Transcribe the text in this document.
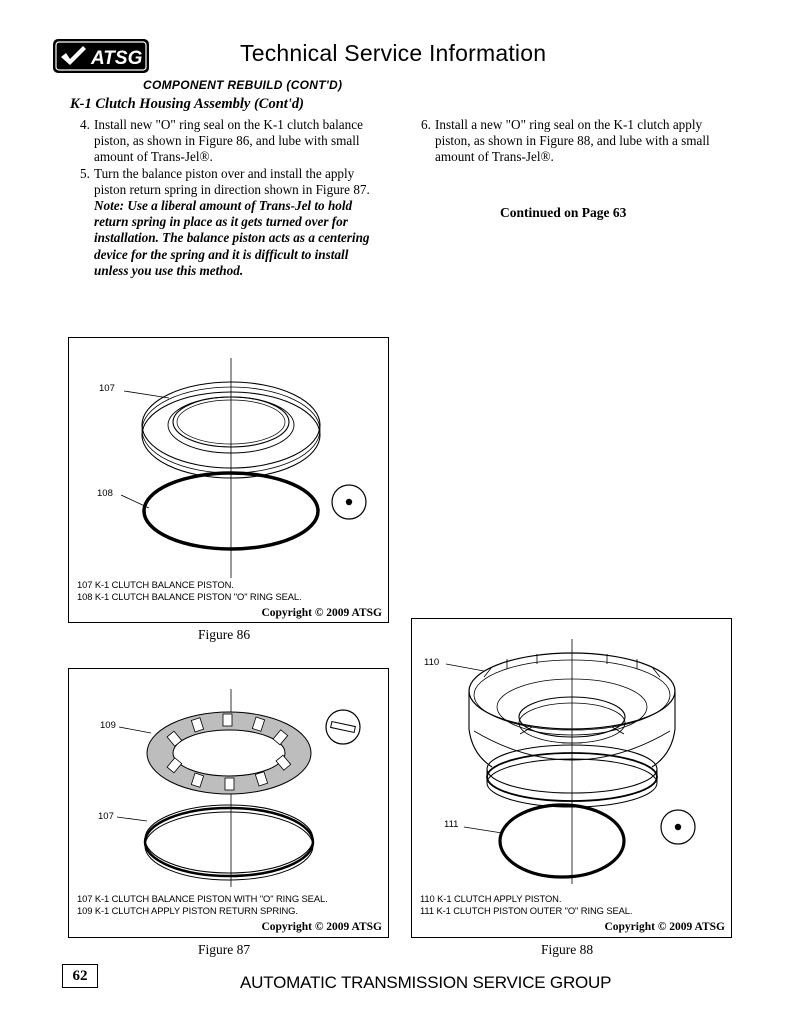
ATSG	Technical Service Information
COMPONENT REBUILD (CONT'D)
K-1 Clutch Housing Assembly (Cont'd)
4. Install new "O" ring seal on the K-1 clutch balance piston, as shown in Figure 86, and lube with small amount of Trans-Jel®.
5. Turn the balance piston over and install the apply piston return spring in direction shown in Figure 87.
Note: Use a liberal amount of Trans-Jel to hold return spring in place as it gets turned over for installation. The balance piston acts as a centering device for the spring and it is difficult to install unless you use this method.
6. Install a new "O" ring seal on the K-1 clutch apply piston, as shown in Figure 88, and lube with a small amount of Trans-Jel®.
Continued on Page 63
107
108
107 K-1 CLUTCH BALANCE PISTON.
108 K-1 CLUTCH BALANCE PISTON "O" RING SEAL.
Copyright © 2009 ATSG
Figure 86
109
107
107 K-1 CLUTCH BALANCE PISTON WITH "O" RING SEAL.
109 K-1 CLUTCH APPLY PISTON RETURN SPRING.
Copyright © 2009 ATSG
Figure 87
110
111
110 K-1 CLUTCH APPLY PISTON.
111 K-1 CLUTCH PISTON OUTER "O" RING SEAL.
Copyright © 2009 ATSG
Figure 88
62	AUTOMATIC TRANSMISSION SERVICE GROUP
